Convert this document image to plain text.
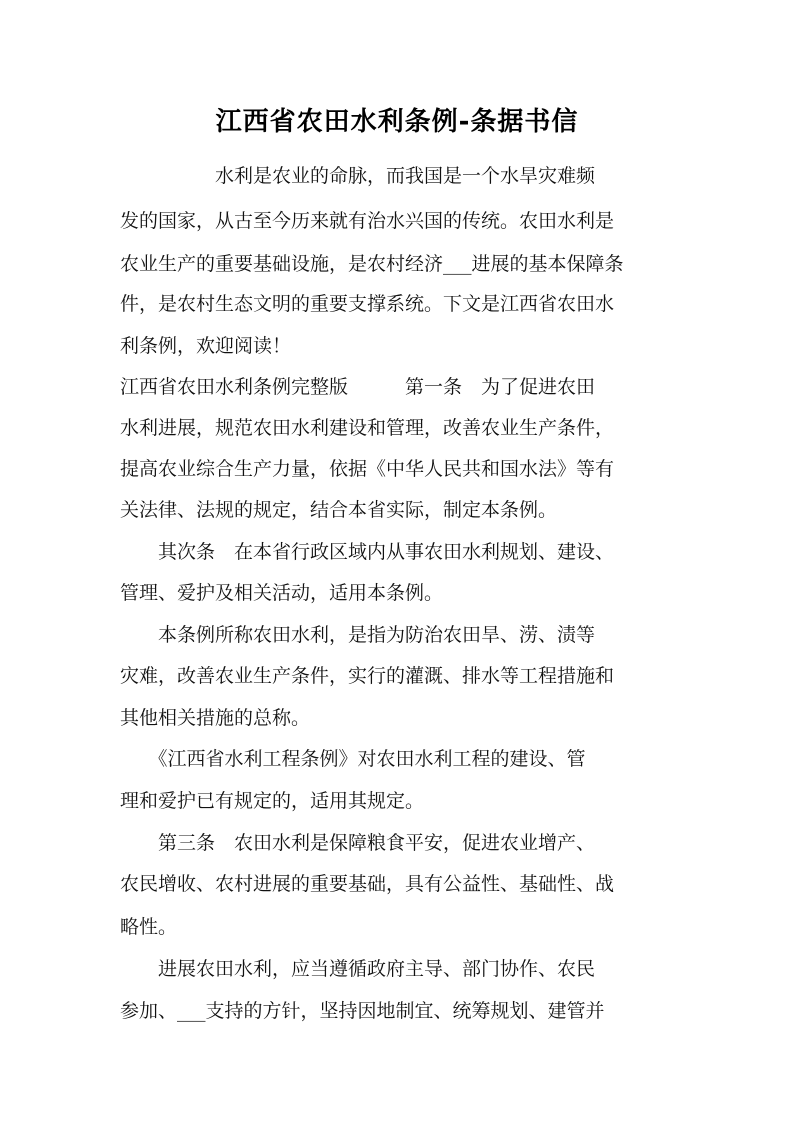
江西省农田水利条例-条据书信
　　　　　水利是农业的命脉，而我国是一个水旱灾难频
发的国家，从古至今历来就有治水兴国的传统。农田水利是
农业生产的重要基础设施，是农村经济___进展的基本保障条
件，是农村生态文明的重要支撑系统。下文是江西省农田水
利条例，欢迎阅读！
江西省农田水利条例完整版　　　第一条　为了促进农田
水利进展，规范农田水利建设和管理，改善农业生产条件，
提高农业综合生产力量，依据《中华人民共和国水法》等有
关法律、法规的规定，结合本省实际，制定本条例。
　　其次条　在本省行政区域内从事农田水利规划、建设、
管理、爱护及相关活动，适用本条例。
　　本条例所称农田水利，是指为防治农田旱、涝、渍等
灾难，改善农业生产条件，实行的灌溉、排水等工程措施和
其他相关措施的总称。
　　《江西省水利工程条例》对农田水利工程的建设、管
理和爱护已有规定的，适用其规定。
　　第三条　农田水利是保障粮食平安，促进农业增产、
农民增收、农村进展的重要基础，具有公益性、基础性、战
略性。
　　进展农田水利，应当遵循政府主导、部门协作、农民
参加、___支持的方针，坚持因地制宜、统筹规划、建管并
